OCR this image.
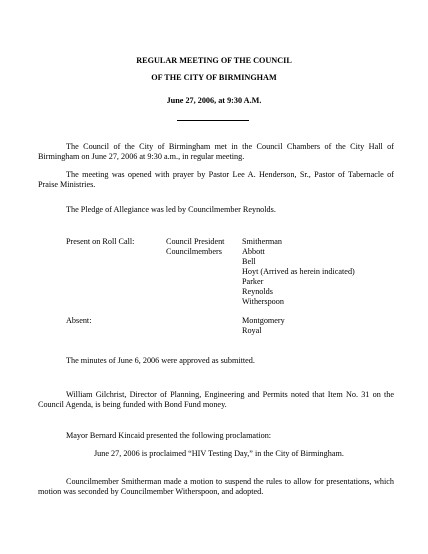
REGULAR MEETING OF THE COUNCIL

OF THE CITY OF BIRMINGHAM

June 27, 2006, at 9:30 A.M.

The Council of the City of Birmingham met in the Council Chambers of the City Hall of Birmingham on June 27, 2006 at 9:30 a.m., in regular meeting.

The meeting was opened with prayer by Pastor Lee A. Henderson, Sr., Pastor of Tabernacle of Praise Ministries.

The Pledge of Allegiance was led by Councilmember Reynolds.

Present on Roll Call:	Council President
Councilmembers
Smitherman
Abbott
Bell
Hoyt (Arrived as herein indicated)
Parker
Reynolds
Witherspoon
Absent:	Montgomery
Royal

The minutes of June 6, 2006 were approved as submitted.

William Gilchrist, Director of Planning, Engineering and Permits noted that Item No. 31 on the Council Agenda, is being funded with Bond Fund money.

Mayor Bernard Kincaid presented the following proclamation:

June 27, 2006 is proclaimed “HIV Testing Day,” in the City of Birmingham.

Councilmember Smitherman made a motion to suspend the rules to allow for presentations, which motion was seconded by Councilmember Witherspoon, and adopted.
